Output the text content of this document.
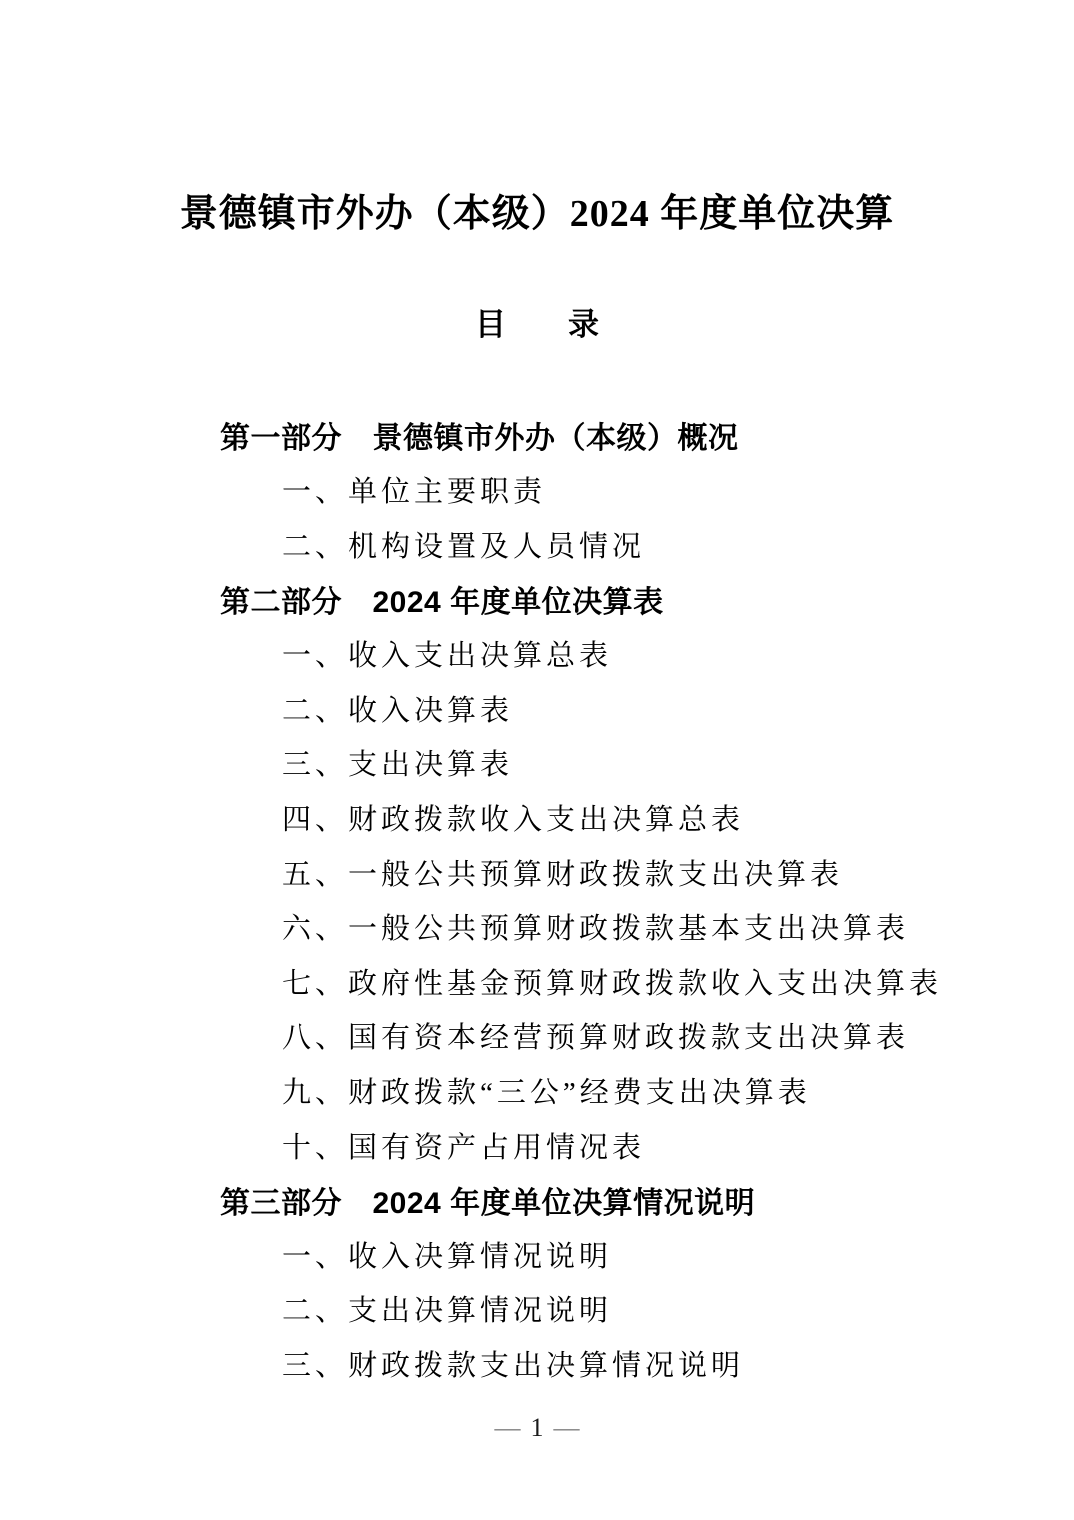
景德镇市外办（本级）2024 年度单位决算
目　　录
第一部分　景德镇市外办（本级）概况
一、单位主要职责
二、机构设置及人员情况
第二部分　2024 年度单位决算表
一、收入支出决算总表
二、收入决算表
三、支出决算表
四、财政拨款收入支出决算总表
五、一般公共预算财政拨款支出决算表
六、一般公共预算财政拨款基本支出决算表
七、政府性基金预算财政拨款收入支出决算表
八、国有资本经营预算财政拨款支出决算表
九、财政拨款“三公”经费支出决算表
十、国有资产占用情况表
第三部分　2024 年度单位决算情况说明
一、收入决算情况说明
二、支出决算情况说明
三、财政拨款支出决算情况说明
— 1 —
